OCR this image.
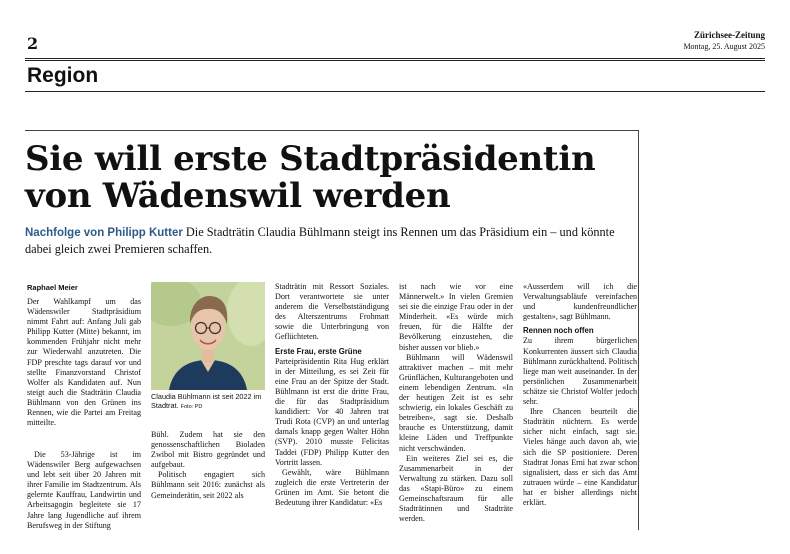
2	Zürichsee-Zeitung
Montag, 25. August 2025
Region
Sie will erste Stadtpräsidentin
von Wädenswil werden
Nachfolge von Philipp Kutter Die Stadträtin Claudia Bühlmann steigt ins Rennen um das Präsidium ein – und könnte dabei gleich zwei Premieren schaffen.
Raphael Meier

Der Wahlkampf um das Wädenswiler Stadtpräsidium nimmt Fahrt auf: Anfang Juli gab Philipp Kutter (Mitte) bekannt, im kommenden Frühjahr nicht mehr zur Wiederwahl anzutreten. Die FDP preschte tags darauf vor und stellte Finanzvorstand Christof Wolfer als Kandidaten auf. Nun steigt auch die Stadträtin Claudia Bühlmann von den Grünen ins Rennen, wie die Partei am Freitag mitteilte.

Die 53-Jährige ist im Wädenswiler Berg aufgewachsen und lebt seit über 20 Jahren mit ihrer Familie im Stadtzentrum. Als gelernte Kauffrau, Landwirtin und Arbeitsagogin begleitete sie 17 Jahre lang Jugendliche auf ihrem Berufsweg in der Stiftung

Claudia Bühlmann ist seit 2022 im Stadtrat. Foto: PD

Bühl. Zudem hat sie den genossenschaftlichen Bioladen Zwibol mit Bistro gegründet und aufgebaut.

Politisch engagiert sich Bühlmann seit 2016: zunächst als Gemeinderätin, seit 2022 als

Stadträtin mit Ressort Soziales. Dort verantwortete sie unter anderem die Verselbstständigung des Alterszentrums Frohmatt sowie die Unterbringung von Geflüchteten.

Erste Frau, erste Grüne

Parteipräsidentin Rita Hug erklärt in der Mitteilung, es sei Zeit für eine Frau an der Spitze der Stadt. Bühlmann ist erst die dritte Frau, die für das Stadtpräsidium kandidiert: Vor 40 Jahren trat Trudi Rota (CVP) an und unterlag damals knapp gegen Walter Höhn (SVP). 2010 musste Felicitas Taddei (FDP) Philipp Kutter den Vortritt lassen.

Gewählt, wäre Bühlmann zugleich die erste Vertreterin der Grünen im Amt. Sie betont die Bedeutung ihrer Kandidatur: «Es

ist nach wie vor eine Männerwelt.» In vielen Gremien sei sie die einzige Frau oder in der Minderheit. «Es würde mich freuen, für die Hälfte der Bevölkerung einzustehen, die bisher aussen vor blieb.»

Bühlmann will Wädenswil attraktiver machen – mit mehr Grünflächen, Kulturangeboten und einem lebendigen Zentrum. «In der heutigen Zeit ist es sehr schwierig, ein lokales Geschäft zu betreiben», sagt sie. Deshalb brauche es Unterstützung, damit kleine Läden und Treffpunkte nicht verschwänden.

Ein weiteres Ziel sei es, die Zusammenarbeit in der Verwaltung zu stärken. Dazu soll das «Stapi-Büro» zu einem Gemeinschaftsraum für alle Stadträtinnen und Stadträte werden.

«Ausserdem will ich die Verwaltungsabläufe vereinfachen und kundenfreundlicher gestalten», sagt Bühlmann.

Rennen noch offen

Zu ihrem bürgerlichen Konkurrenten äussert sich Claudia Bühlmann zurückhaltend. Politisch liege man weit auseinander. In der persönlichen Zusammenarbeit schätze sie Christof Wolfer jedoch sehr.

Ihre Chancen beurteilt die Stadträtin nüchtern. Es werde sicher nicht einfach, sagt sie. Vieles hänge auch davon ab, wie sich die SP positioniere. Deren Stadtrat Jonas Erni hat zwar schon signalisiert, dass er sich das Amt zutrauen würde – eine Kandidatur hat er bisher allerdings nicht erklärt.
